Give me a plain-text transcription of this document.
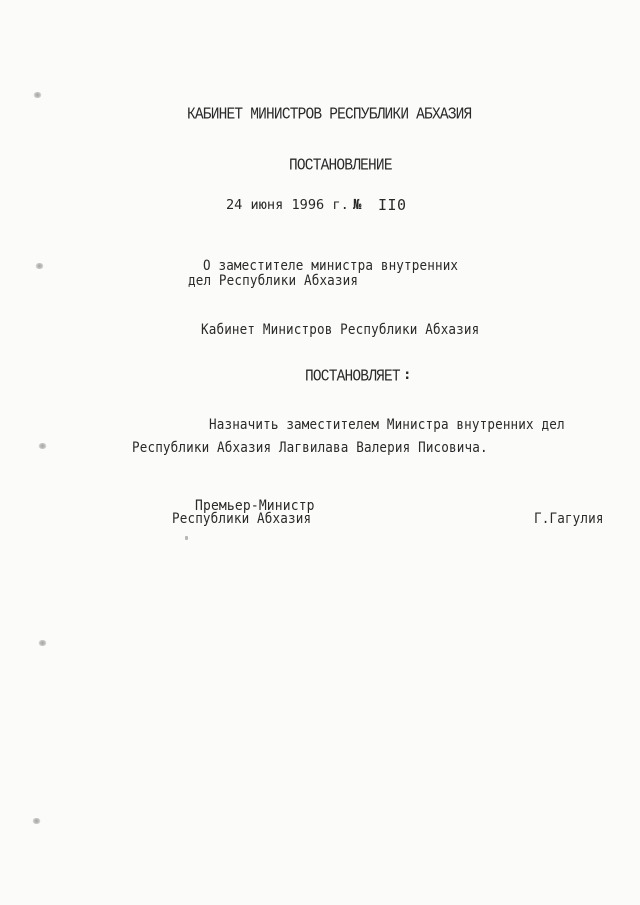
КАБИНЕТ МИНИСТРОВ РЕСПУБЛИКИ АБХАЗИЯ
ПОСТАНОВЛЕНИЕ
24 июня 1996 г. № II0
О заместителе министра внутренних
дел Республики Абхазия
Кабинет Министров Республики Абхазия
ПОСТАНОВЛЯЕТ :
Назначить заместителем Министра внутренних дел
Республики Абхазия Лагвилава Валерия Писовича.
Премьер-Министр
Республики Абхазия	Г.Гагулия
